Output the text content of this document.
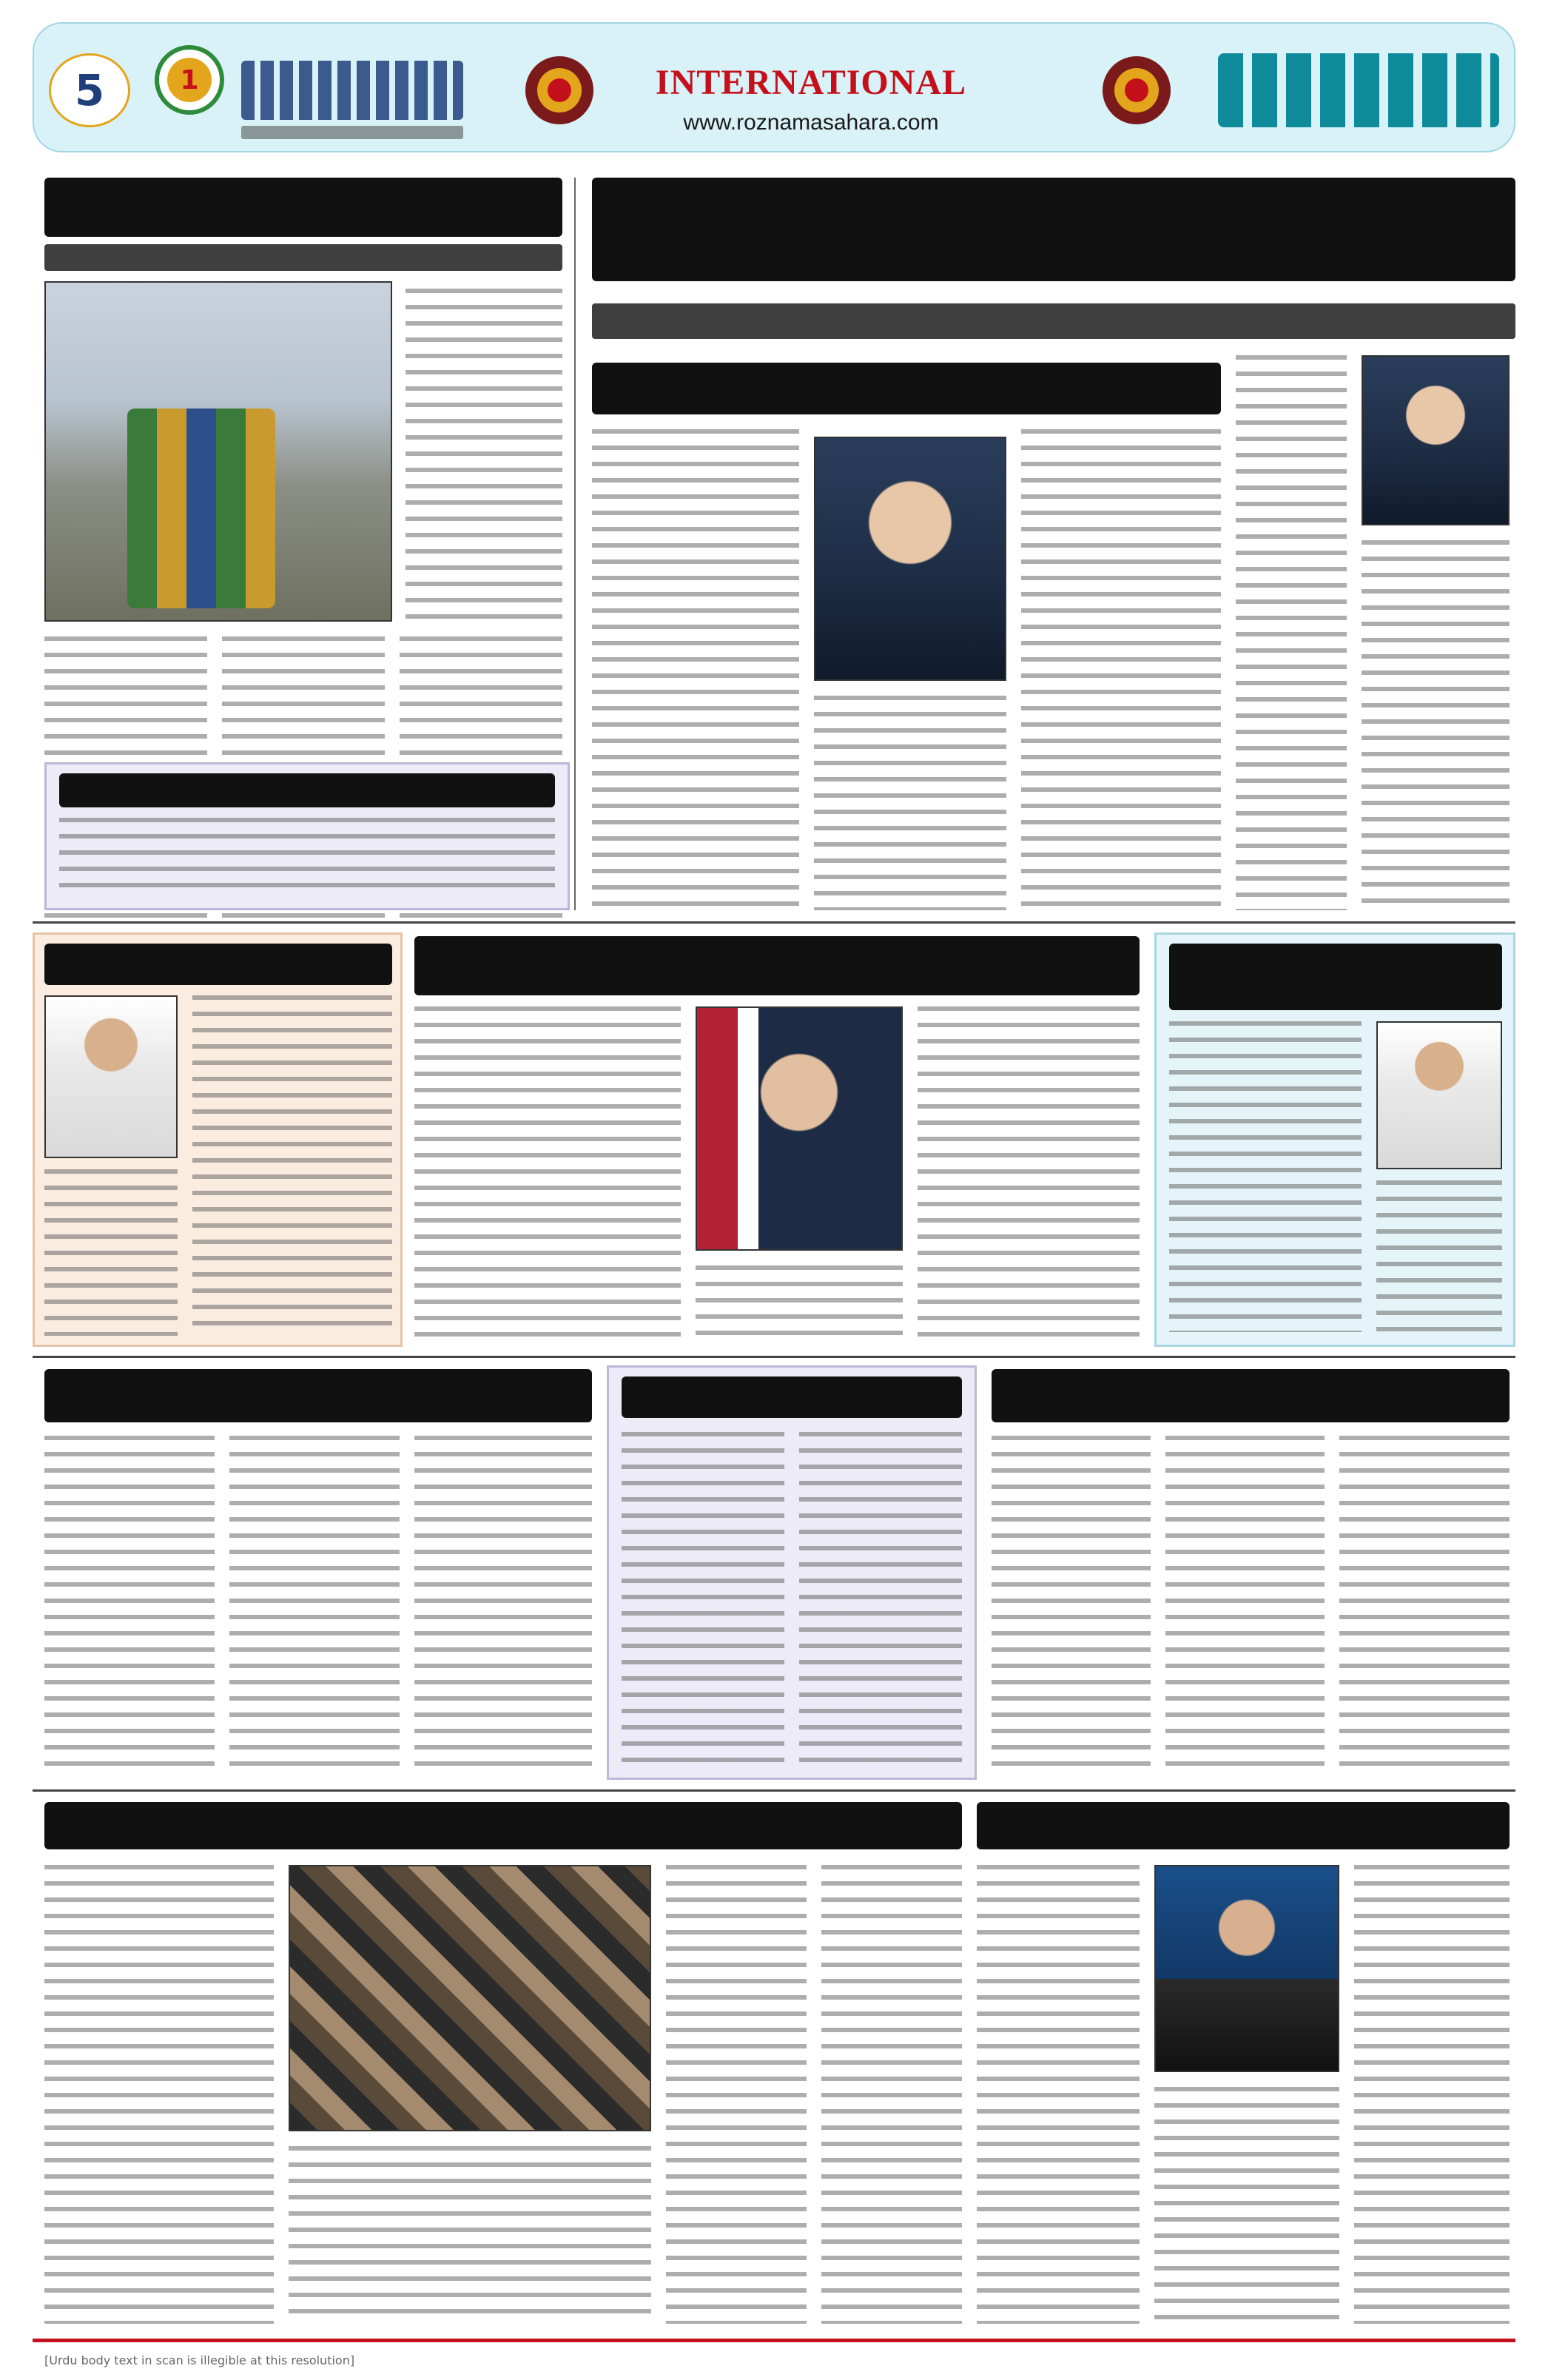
5	1	INTERNATIONAL
www.roznamasahara.com
[Urdu body text in scan is illegible at this resolution]
